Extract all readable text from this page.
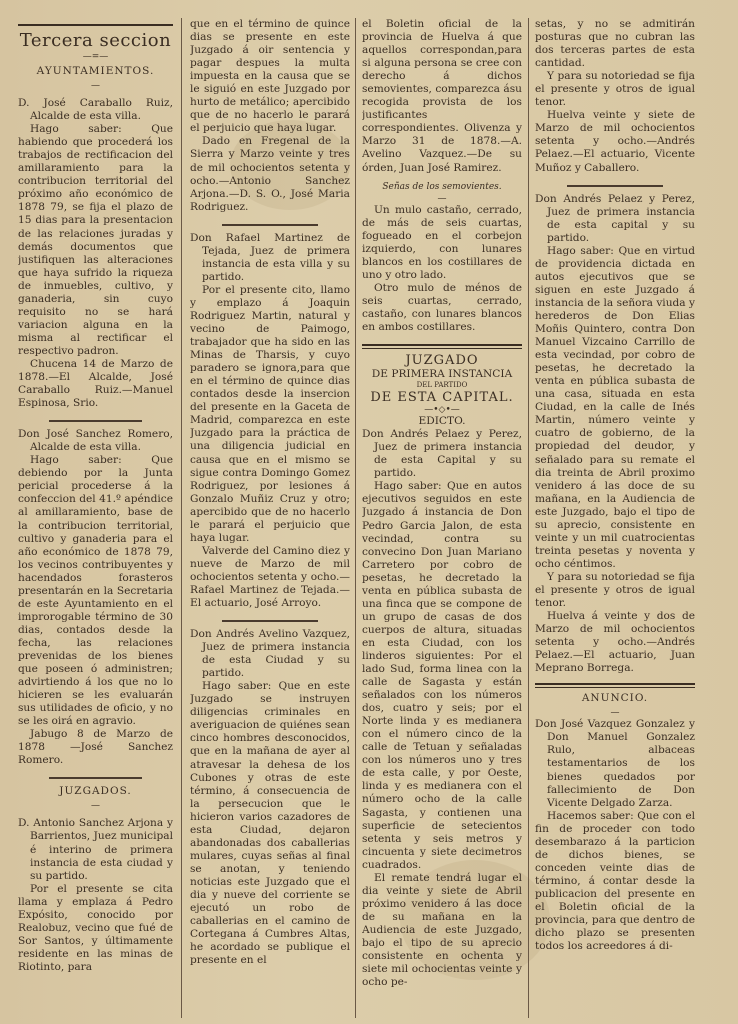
Tercera seccion
—=—
AYUNTAMIENTOS.
—

D. José Caraballo Ruiz, Alcalde de esta villa.

Hago saber: Que habiendo que procederá los trabajos de rectificacion del amillaramiento para la contribucion territorial del próximo año económico de 1878 79, se fija el plazo de 15 dias para la presentacion de las relaciones juradas y demás documentos que justifiquen las alteraciones que haya sufrido la riqueza de inmuebles, cultivo, y ganaderia, sin cuyo requisito no se hará variacion alguna en la misma al rectificar el respectivo padron.

Chucena 14 de Marzo de 1878.—El Alcalde, José Caraballo Ruiz.—Manuel Espinosa, Srio.

Don José Sanchez Romero, Alcalde de esta villa.

Hago saber: Que debiendo por la Junta pericial procederse á la confeccion del 41.º apéndice al amillaramiento, base de la contribucion territorial, cultivo y ganaderia para el año económico de 1878 79, los vecinos contribuyentes y hacendados forasteros presentarán en la Secretaria de este Ayuntamiento en el improrogable término de 30 dias, contados desde la fecha, las relaciones prevenidas de los bienes que poseen ó administren; advirtiendo á los que no lo hicieren se les evaluarán sus utilidades de oficio, y no se les oirá en agravio.

Jabugo 8 de Marzo de 1878 —José Sanchez Romero.

JUZGADOS.
—

D. Antonio Sanchez Arjona y Barrientos, Juez municipal é interino de primera instancia de esta ciudad y su partido.

Por el presente se cita llama y emplaza á Pedro Expósito, conocido por Realobuz, vecino que fué de Sor Santos, y últimamente residente en las minas de Riotinto, para

que en el término de quince dias se presente en este Juzgado á oir sentencia y pagar despues la multa impuesta en la causa que se le siguió en este Juzgado por hurto de metálico; apercibido que de no hacerlo le parará el perjuicio que haya lugar.

Dado en Fregenal de la Sierra y Marzo veinte y tres de mil ochocientos setenta y ocho.—Antonio Sanchez Arjona.—D. S. O., José Maria Rodriguez.

Don Rafael Martinez de Tejada, Juez de primera instancia de esta villa y su partido.

Por el presente cito, llamo y emplazo á Joaquin Rodriguez Martin, natural y vecino de Paimogo, trabajador que ha sido en las Minas de Tharsis, y cuyo paradero se ignora,para que en el término de quince dias contados desde la insercion del presente en la Gaceta de Madrid, comparezca en este Juzgado para la práctica de una diligencia judicial en causa que en el mismo se sigue contra Domingo Gomez Rodriguez, por lesiones á Gonzalo Muñiz Cruz y otro; apercibido que de no hacerlo le parará el perjuicio que haya lugar.

Valverde del Camino diez y nueve de Marzo de mil ochocientos setenta y ocho.—Rafael Martinez de Tejada.—El actuario, José Arroyo.

Don Andrés Avelino Vazquez, Juez de primera instancia de esta Ciudad y su partido.

Hago saber: Que en este Juzgado se instruyen diligencias criminales en averiguacion de quiénes sean cinco hombres desconocidos, que en la mañana de ayer al atravesar la dehesa de los Cubones y otras de este término, á consecuencia de la persecucion que le hicieron varios cazadores de esta Ciudad, dejaron abandonadas dos caballerias mulares, cuyas señas al final se anotan, y teniendo noticias este Juzgado que el dia y nueve del corriente se ejecutó un robo de caballerias en el camino de Cortegana á Cumbres Altas, he acordado se publique el presente en el

el Boletin oficial de la provincia de Huelva á que aquellos correspondan,para si alguna persona se cree con derecho á dichos semovientes, comparezca ásu recogida provista de los justificantes correspondientes. Olivenza y Marzo 31 de 1878.—A. Avelino Vazquez.—De su órden, Juan José Ramirez.

Señas de los semovientes.
—

Un mulo castaño, cerrado, de más de seis cuartas, fogueado en el corbejon izquierdo, con lunares blancos en los costillares de uno y otro lado.

Otro mulo de ménos de seis cuartas, cerrado, castaño, con lunares blancos en ambos costillares.

JUZGADO
DE PRIMERA INSTANCIA
DEL PARTIDO
DE ESTA CAPITAL.
—•◇•—
EDICTO.

Don Andrés Pelaez y Perez, Juez de primera instancia de esta Capital y su partido.

Hago saber: Que en autos ejecutivos seguidos en este Juzgado á instancia de Don Pedro Garcia Jalon, de esta vecindad, contra su convecino Don Juan Mariano Carretero por cobro de pesetas, he decretado la venta en pública subasta de una finca que se compone de un grupo de casas de dos cuerpos de altura, situadas en esta Ciudad, con los linderos siguientes: Por el lado Sud, forma linea con la calle de Sagasta y están señalados con los números dos, cuatro y seis; por el Norte linda y es medianera con el número cinco de la calle de Tetuan y señaladas con los números uno y tres de esta calle, y por Oeste, linda y es medianera con el número ocho de la calle Sagasta, y contienen una superficie de setecientos setenta y seis metros y cincuenta y siete decimetros cuadrados.

El remate tendrá lugar el dia veinte y siete de Abril próximo venidero á las doce de su mañana en la Audiencia de este Juzgado, bajo el tipo de su aprecio consistente en ochenta y siete mil ochocientas veinte y ocho pe-

setas, y no se admitirán posturas que no cubran las dos terceras partes de esta cantidad.

Y para su notoriedad se fija el presente y otros de igual tenor.

Huelva veinte y siete de Marzo de mil ochocientos setenta y ocho.—Andrés Pelaez.—El actuario, Vicente Muñoz y Caballero.

Don Andrés Pelaez y Perez, Juez de primera instancia de esta capital y su partido.

Hago saber: Que en virtud de providencia dictada en autos ejecutivos que se siguen en este Juzgado á instancia de la señora viuda y herederos de Don Elias Moñis Quintero, contra Don Manuel Vizcaino Carrillo de esta vecindad, por cobro de pesetas, he decretado la venta en pública subasta de una casa, situada en esta Ciudad, en la calle de Inés Martin, número veinte y cuatro de gobierno, de la propiedad del deudor, y señalado para su remate el dia treinta de Abril proximo venidero á las doce de su mañana, en la Audiencia de este Juzgado, bajo el tipo de su aprecio, consistente en veinte y un mil cuatrocientas treinta pesetas y noventa y ocho céntimos.

Y para su notoriedad se fija el presente y otros de igual tenor.

Huelva á veinte y dos de Marzo de mil ochocientos setenta y ocho.—Andrés Pelaez.—El actuario, Juan Meprano Borrega.

ANUNCIO.
—

Don José Vazquez Gonzalez y Don Manuel Gonzalez Rulo, albaceas testamentarios de los bienes quedados por fallecimiento de Don Vicente Delgado Zarza.

Hacemos saber: Que con el fin de proceder con todo desembarazo á la particion de dichos bienes, se conceden veinte dias de término, á contar desde la publicacion del presente en el Boletin oficial de la provincia, para que dentro de dicho plazo se presenten todos los acreedores á di-
